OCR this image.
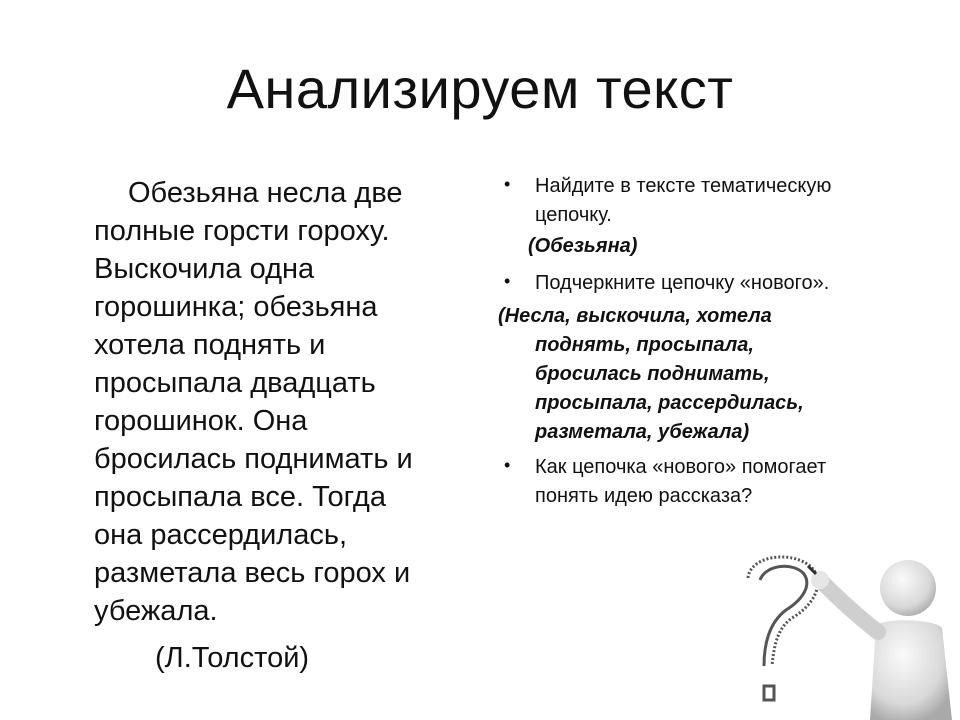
Анализируем текст
Обезьяна несла две
полные горсти гороху.
Выскочила одна
горошинка; обезьяна
хотела поднять и
просыпала двадцать
горошинок. Она
бросилась поднимать и
просыпала все. Тогда
она рассердилась,
разметала весь горох и
убежала.
(Л.Толстой)
• Найдите в тексте тематическую
цепочку.
(Обезьяна)
• Подчеркните цепочку «нового».
(Несла, выскочила, хотела
поднять, просыпала,
бросилась поднимать,
просыпала, рассердилась,
разметала, убежала)
• Как цепочка «нового» помогает
понять идею рассказа?
